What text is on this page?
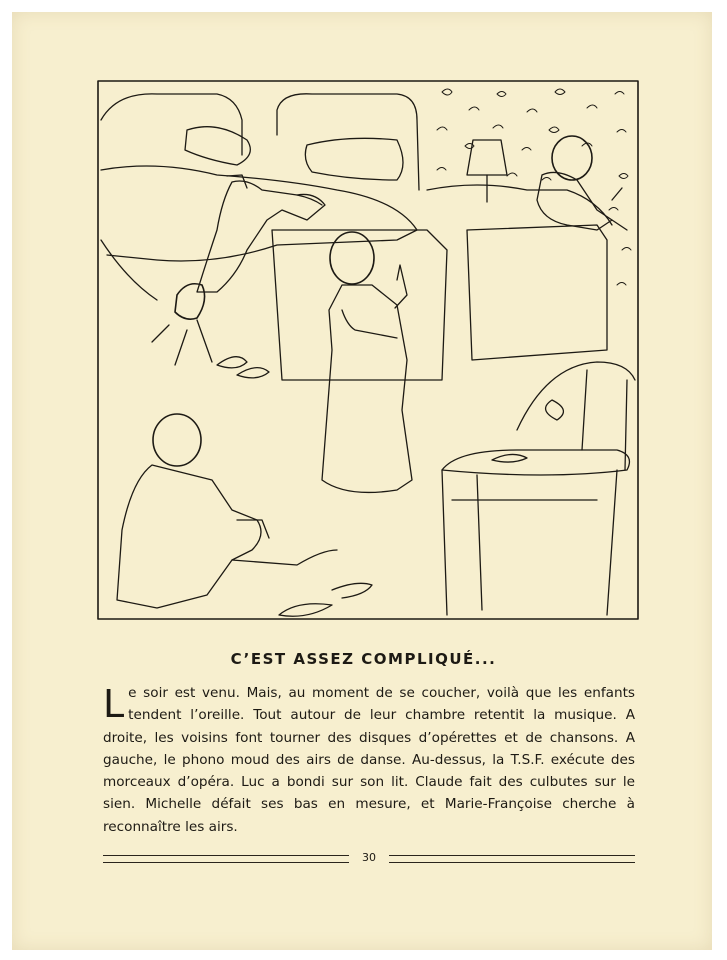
C’EST ASSEZ COMPLIQUÉ...
Le soir est venu. Mais, au moment de se coucher, voilà que les enfants tendent l’oreille. Tout autour de leur chambre retentit la musique. A droite, les voisins font tourner des disques d’opérettes et de chansons. A gauche, le phono moud des airs de danse. Au-dessus, la T.S.F. exécute des morceaux d’opéra. Luc a bondi sur son lit. Claude fait des culbutes sur le sien. Michelle défait ses bas en mesure, et Marie-Françoise cherche à reconnaître les airs.
30
